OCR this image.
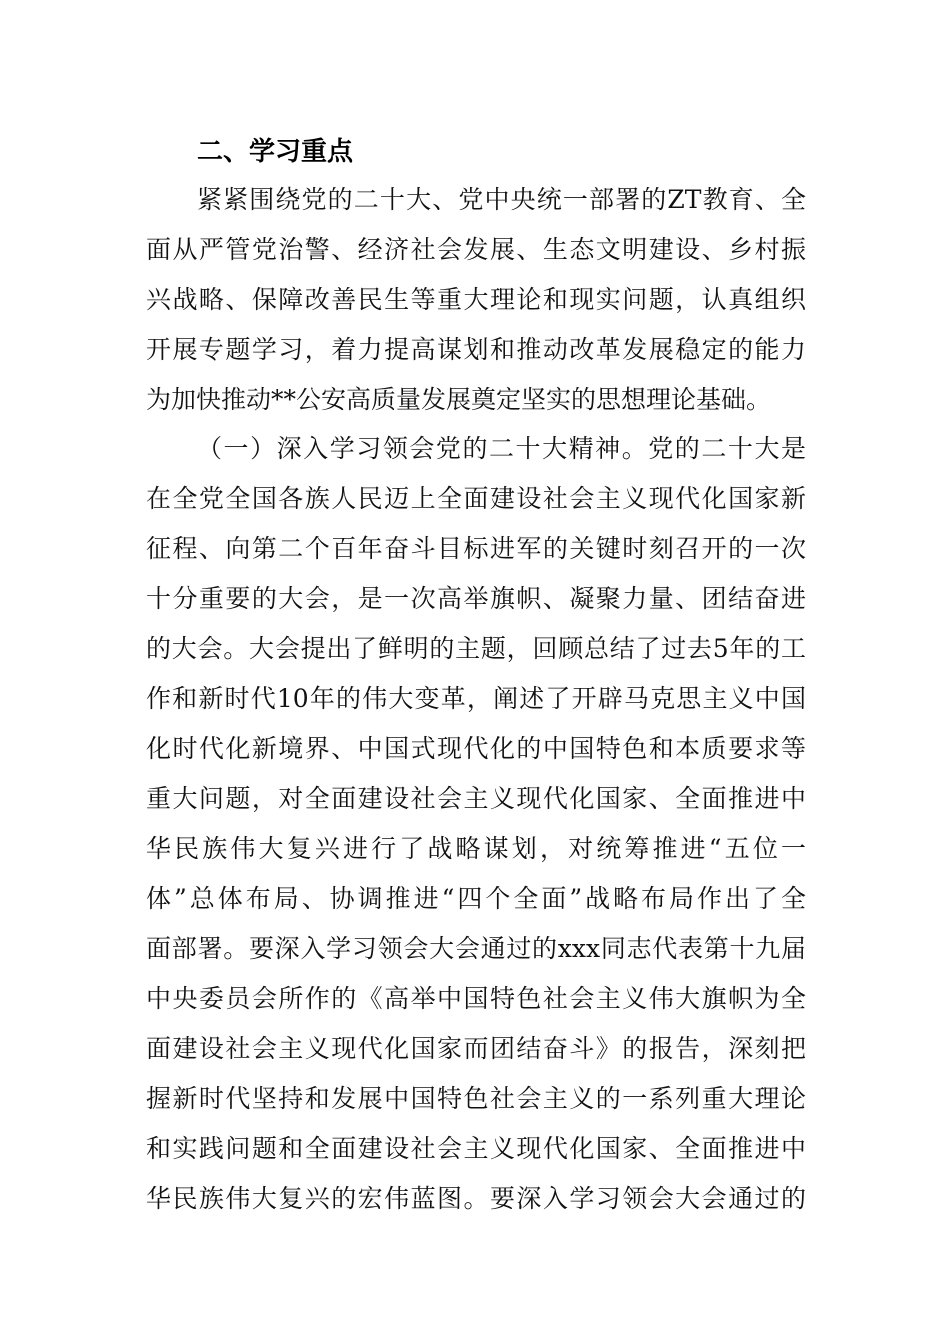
二、学习重点
紧紧围绕党的二十大、党中央统一部署的ZT教育、全
面从严管党治警、经济社会发展、生态文明建设、乡村振
兴战略、保障改善民生等重大理论和现实问题，认真组织
开展专题学习，着力提高谋划和推动改革发展稳定的能力
为加快推动**公安高质量发展奠定坚实的思想理论基础。
（一）深入学习领会党的二十大精神。党的二十大是
在全党全国各族人民迈上全面建设社会主义现代化国家新
征程、向第二个百年奋斗目标进军的关键时刻召开的一次
十分重要的大会，是一次高举旗帜、凝聚力量、团结奋进
的大会。大会提出了鲜明的主题，回顾总结了过去5年的工
作和新时代10年的伟大变革，阐述了开辟马克思主义中国
化时代化新境界、中国式现代化的中国特色和本质要求等
重大问题，对全面建设社会主义现代化国家、全面推进中
华民族伟大复兴进行了战略谋划，对统筹推进“五位一
体”总体布局、协调推进“四个全面”战略布局作出了全
面部署。要深入学习领会大会通过的xxx同志代表第十九届
中央委员会所作的《高举中国特色社会主义伟大旗帜为全
面建设社会主义现代化国家而团结奋斗》的报告，深刻把
握新时代坚持和发展中国特色社会主义的一系列重大理论
和实践问题和全面建设社会主义现代化国家、全面推进中
华民族伟大复兴的宏伟蓝图。要深入学习领会大会通过的
